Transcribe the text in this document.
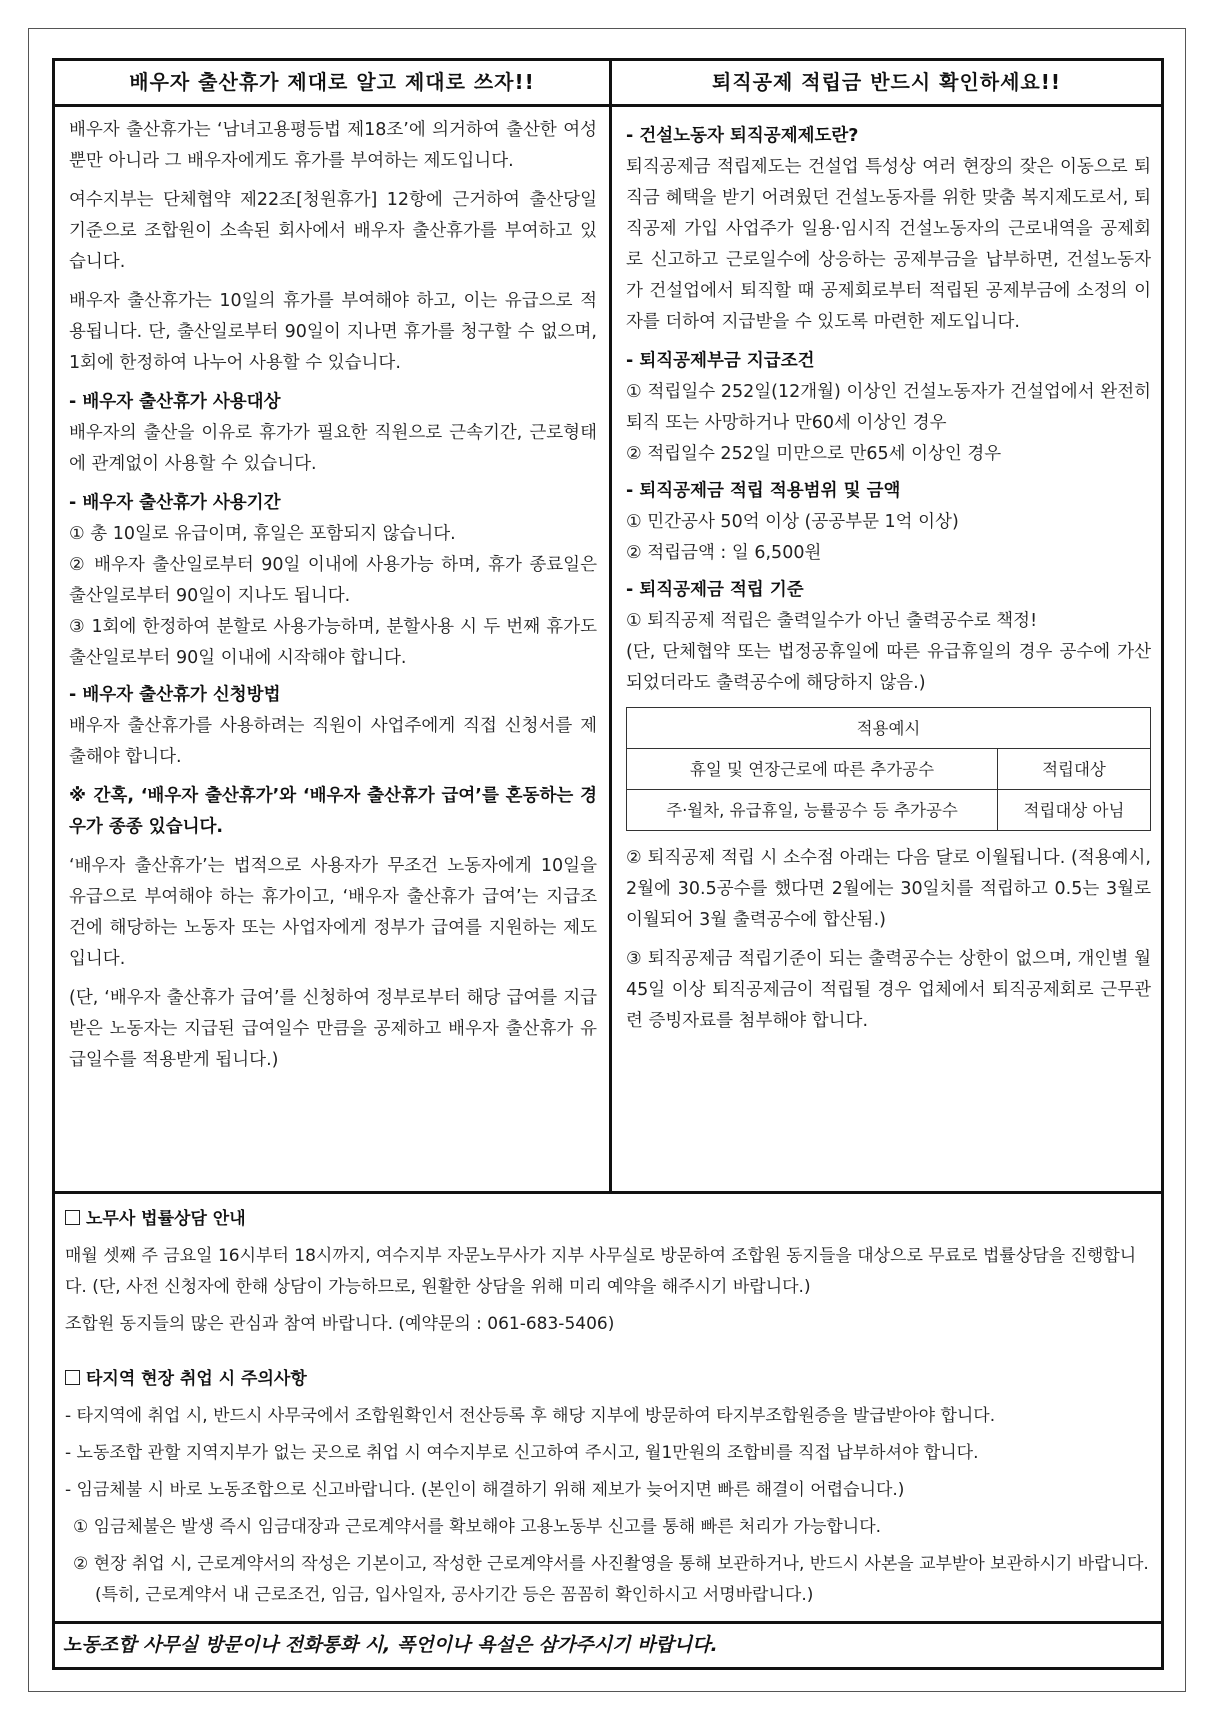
배우자 출산휴가 제대로 알고 제대로 쓰자!!

배우자 출산휴가는 ‘남녀고용평등법 제18조’에 의거하여 출산한 여성뿐만 아니라 그 배우자에게도 휴가를 부여하는 제도입니다.

여수지부는 단체협약 제22조[청원휴가] 12항에 근거하여 출산당일 기준으로 조합원이 소속된 회사에서 배우자 출산휴가를 부여하고 있습니다.

배우자 출산휴가는 10일의 휴가를 부여해야 하고, 이는 유급으로 적용됩니다. 단, 출산일로부터 90일이 지나면 휴가를 청구할 수 없으며, 1회에 한정하여 나누어 사용할 수 있습니다.

- 배우자 출산휴가 사용대상

배우자의 출산을 이유로 휴가가 필요한 직원으로 근속기간, 근로형태에 관계없이 사용할 수 있습니다.

- 배우자 출산휴가 사용기간

① 총 10일로 유급이며, 휴일은 포함되지 않습니다.

② 배우자 출산일로부터 90일 이내에 사용가능 하며, 휴가 종료일은 출산일로부터 90일이 지나도 됩니다.

③ 1회에 한정하여 분할로 사용가능하며, 분할사용 시 두 번째 휴가도 출산일로부터 90일 이내에 시작해야 합니다.

- 배우자 출산휴가 신청방법

배우자 출산휴가를 사용하려는 직원이 사업주에게 직접 신청서를 제출해야 합니다.

※ 간혹, ‘배우자 출산휴가’와 ‘배우자 출산휴가 급여’를 혼동하는 경우가 종종 있습니다.

‘배우자 출산휴가’는 법적으로 사용자가 무조건 노동자에게 10일을 유급으로 부여해야 하는 휴가이고, ‘배우자 출산휴가 급여’는 지급조건에 해당하는 노동자 또는 사업자에게 정부가 급여를 지원하는 제도입니다.

(단, ‘배우자 출산휴가 급여’를 신청하여 정부로부터 해당 급여를 지급받은 노동자는 지급된 급여일수 만큼을 공제하고 배우자 출산휴가 유급일수를 적용받게 됩니다.)

퇴직공제 적립금 반드시 확인하세요!!
- 건설노동자 퇴직공제제도란?

퇴직공제금 적립제도는 건설업 특성상 여러 현장의 잦은 이동으로 퇴직금 혜택을 받기 어려웠던 건설노동자를 위한 맞춤 복지제도로서, 퇴직공제 가입 사업주가 일용·임시직 건설노동자의 근로내역을 공제회로 신고하고 근로일수에 상응하는 공제부금을 납부하면, 건설노동자가 건설업에서 퇴직할 때 공제회로부터 적립된 공제부금에 소정의 이자를 더하여 지급받을 수 있도록 마련한 제도입니다.

- 퇴직공제부금 지급조건

① 적립일수 252일(12개월) 이상인 건설노동자가 건설업에서 완전히 퇴직 또는 사망하거나 만60세 이상인 경우

② 적립일수 252일 미만으로 만65세 이상인 경우

- 퇴직공제금 적립 적용범위 및 금액

① 민간공사 50억 이상 (공공부문 1억 이상)

② 적립금액 : 일 6,500원

- 퇴직공제금 적립 기준

① 퇴직공제 적립은 출력일수가 아닌 출력공수로 책정!

(단, 단체협약 또는 법정공휴일에 따른 유급휴일의 경우 공수에 가산되었더라도 출력공수에 해당하지 않음.)

적용예시	
휴일 및 연장근로에 따른 추가공수	적립대상
주·월차, 유급휴일, 능률공수 등 추가공수	적립대상 아님

② 퇴직공제 적립 시 소수점 아래는 다음 달로 이월됩니다. (적용예시, 2월에 30.5공수를 했다면 2월에는 30일치를 적립하고 0.5는 3월로 이월되어 3월 출력공수에 합산됨.)

③ 퇴직공제금 적립기준이 되는 출력공수는 상한이 없으며, 개인별 월 45일 이상 퇴직공제금이 적립될 경우 업체에서 퇴직공제회로 근무관련 증빙자료를 첨부해야 합니다.

노무사 법률상담 안내

매월 셋째 주 금요일 16시부터 18시까지, 여수지부 자문노무사가 지부 사무실로 방문하여 조합원 동지들을 대상으로 무료로 법률상담을 진행합니다. (단, 사전 신청자에 한해 상담이 가능하므로, 원활한 상담을 위해 미리 예약을 해주시기 바랍니다.)

조합원 동지들의 많은 관심과 참여 바랍니다. (예약문의 : 061-683-5406)

타지역 현장 취업 시 주의사항

- 타지역에 취업 시, 반드시 사무국에서 조합원확인서 전산등록 후 해당 지부에 방문하여 타지부조합원증을 발급받아야 합니다.

- 노동조합 관할 지역지부가 없는 곳으로 취업 시 여수지부로 신고하여 주시고, 월1만원의 조합비를 직접 납부하셔야 합니다.

- 임금체불 시 바로 노동조합으로 신고바랍니다. (본인이 해결하기 위해 제보가 늦어지면 빠른 해결이 어렵습니다.)

① 임금체불은 발생 즉시 임금대장과 근로계약서를 확보해야 고용노동부 신고를 통해 빠른 처리가 가능합니다.

② 현장 취업 시, 근로계약서의 작성은 기본이고, 작성한 근로계약서를 사진촬영을 통해 보관하거나, 반드시 사본을 교부받아 보관하시기 바랍니다. (특히, 근로계약서 내 근로조건, 임금, 입사일자, 공사기간 등은 꼼꼼히 확인하시고 서명바랍니다.)

노동조합 사무실 방문이나 전화통화 시, 폭언이나 욕설은 삼가주시기 바랍니다.
